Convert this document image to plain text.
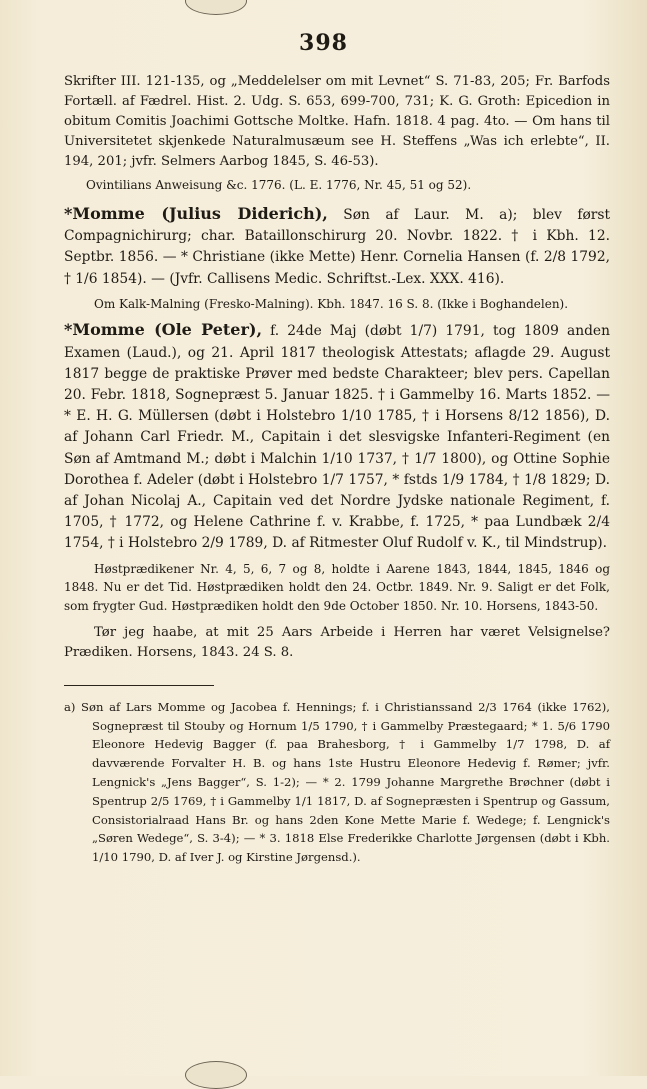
398

Skrifter III. 121-135, og „Meddelelser om mit Levnet“ S. 71-83, 205; Fr. Barfods Fortæll. af Fædrel. Hist. 2. Udg. S. 653, 699-700, 731; K. G. Groth: Epicedion in obitum Comitis Joachimi Gottsche Moltke. Hafn. 1818. 4 pag. 4to. — Om hans til Universitetet skjenkede Naturalmusæum see H. Steffens „Was ich erlebte“, II. 194, 201; jvfr. Selmers Aarbog 1845, S. 46-53).

Ovintilians Anweisung &c. 1776. (L. E. 1776, Nr. 45, 51 og 52).

*Momme (Julius Diderich), Søn af Laur. M. a); blev først Compagnichirurg; char. Bataillonschirurg 20. Novbr. 1822. † i Kbh. 12. Septbr. 1856. — * Christiane (ikke Mette) Henr. Cornelia Hansen (f. 2/8 1792, † 1/6 1854). — (Jvfr. Callisens Medic. Schriftst.-Lex. XXX. 416).

Om Kalk-Malning (Fresko-Malning). Kbh. 1847. 16 S. 8. (Ikke i Boghandelen).

*Momme (Ole Peter), f. 24de Maj (døbt 1/7) 1791, tog 1809 anden Examen (Laud.), og 21. April 1817 theologisk Attestats; aflagde 29. August 1817 begge de praktiske Prøver med bedste Charakteer; blev pers. Capellan 20. Febr. 1818, Sognepræst 5. Januar 1825. † i Gammelby 16. Marts 1852. — * E. H. G. Müllersen (døbt i Holstebro 1/10 1785, † i Horsens 8/12 1856), D. af Johann Carl Friedr. M., Capitain i det slesvigske Infanteri-Regiment (en Søn af Amtmand M.; døbt i Malchin 1/10 1737, † 1/7 1800), og Ottine Sophie Dorothea f. Adeler (døbt i Holstebro 1/7 1757, * fstds 1/9 1784, † 1/8 1829; D. af Johan Nicolaj A., Capitain ved det Nordre Jydske nationale Regiment, f. 1705, † 1772, og Helene Cathrine f. v. Krabbe, f. 1725, * paa Lundbæk 2/4 1754, † i Holstebro 2/9 1789, D. af Ritmester Oluf Rudolf v. K., til Mindstrup).

Høstprædikener Nr. 4, 5, 6, 7 og 8, holdte i Aarene 1843, 1844, 1845, 1846 og 1848. Nu er det Tid. Høstprædiken holdt den 24. Octbr. 1849. Nr. 9. Saligt er det Folk, som frygter Gud. Høstprædiken holdt den 9de October 1850. Nr. 10. Horsens, 1843-50.

Tør jeg haabe, at mit 25 Aars Arbeide i Herren har været Velsignelse? Prædiken. Horsens, 1843. 24 S. 8.

a) Søn af Lars Momme og Jacobea f. Hennings; f. i Christianssand 2/3 1764 (ikke 1762), Sognepræst til Stouby og Hornum 1/5 1790, † i Gammelby Præstegaard; * 1. 5/6 1790 Eleonore Hedevig Bagger (f. paa Brahesborg, † i Gammelby 1/7 1798, D. af davværende Forvalter H. B. og hans 1ste Hustru Eleonore Hedevig f. Rømer; jvfr. Lengnick's „Jens Bagger“, S. 1-2); — * 2. 1799 Johanne Margrethe Brøchner (døbt i Spentrup 2/5 1769, † i Gammelby 1/1 1817, D. af Sognepræsten i Spentrup og Gassum, Consistorialraad Hans Br. og hans 2den Kone Mette Marie f. Wedege; f. Lengnick's „Søren Wedege“, S. 3-4); — * 3. 1818 Else Frederikke Charlotte Jørgensen (døbt i Kbh. 1/10 1790, D. af Iver J. og Kirstine Jørgensd.).
